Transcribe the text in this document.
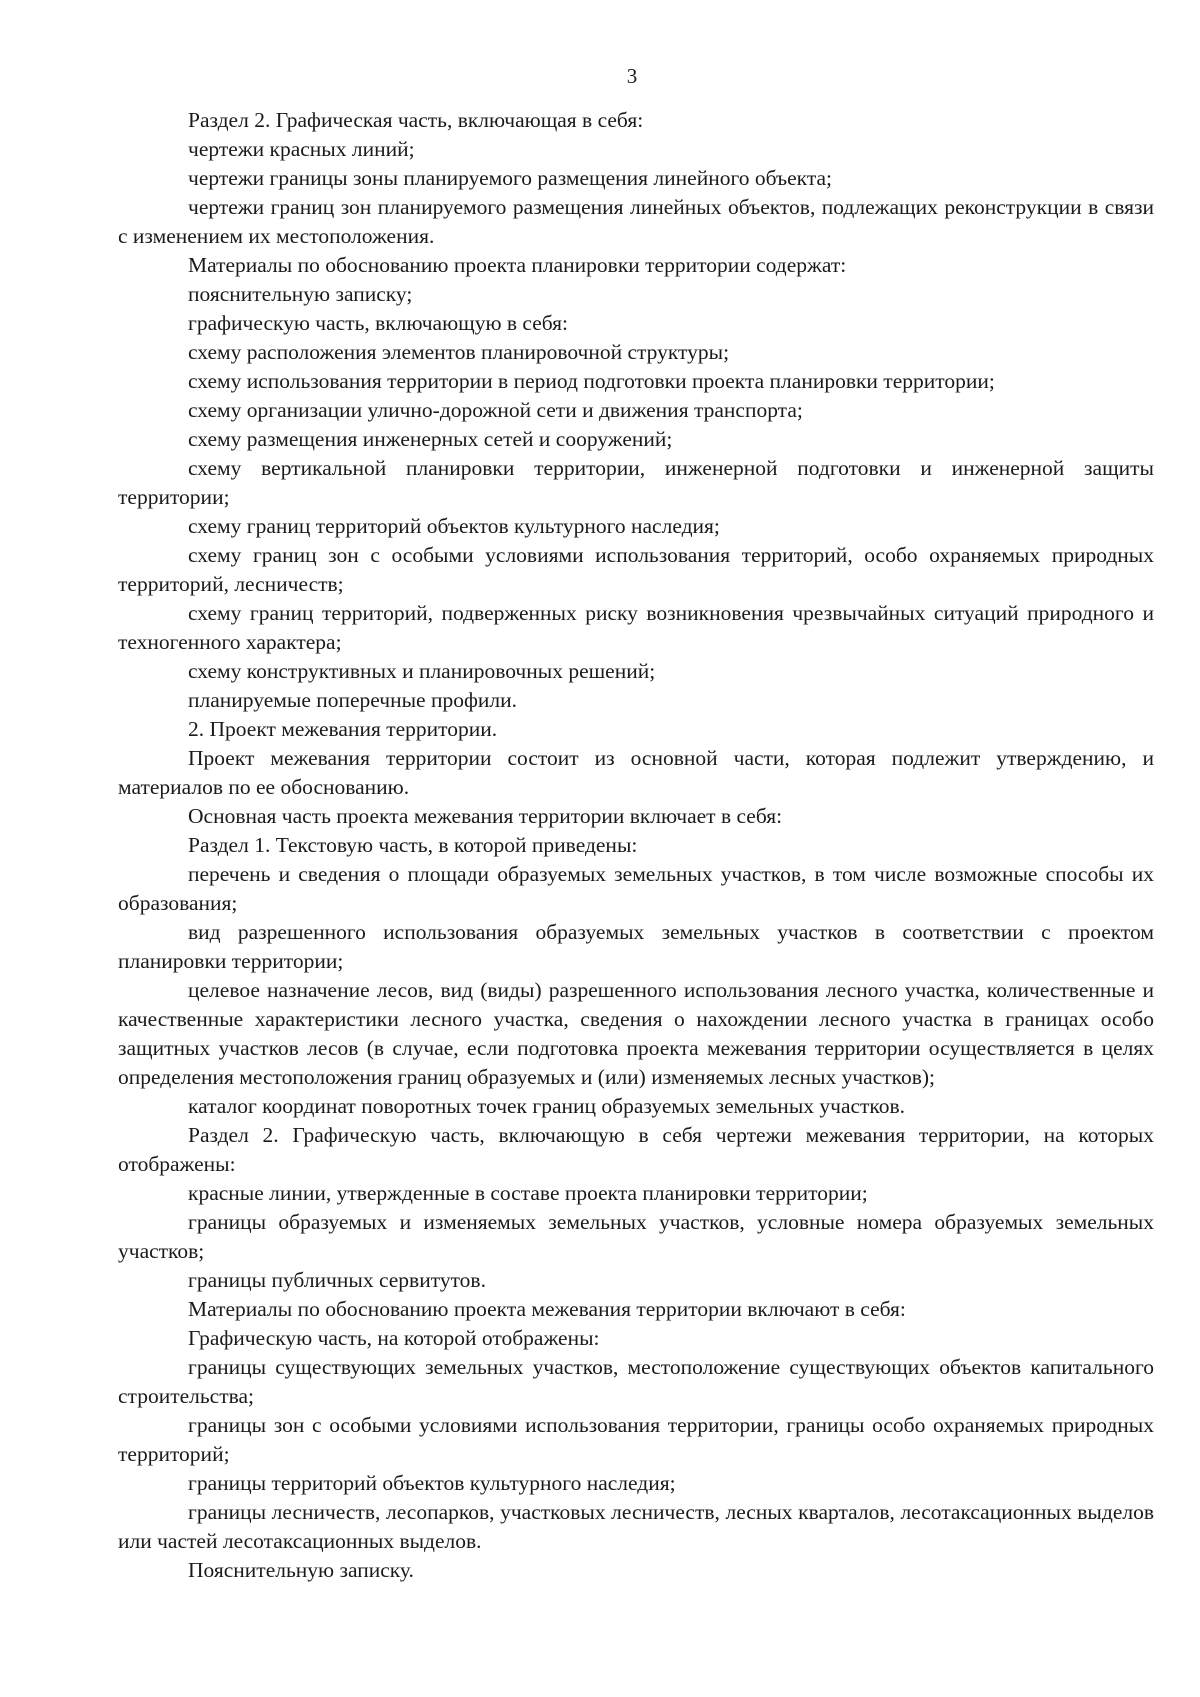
3

Раздел 2. Графическая часть, включающая в себя:

чертежи красных линий;

чертежи границы зоны планируемого размещения линейного объекта;

чертежи границ зон планируемого размещения линейных объектов, подлежащих реконструкции в связи с изменением их местоположения.

Материалы по обоснованию проекта планировки территории содержат:

пояснительную записку;

графическую часть, включающую в себя:

схему расположения элементов планировочной структуры;

схему использования территории в период подготовки проекта планировки территории;

схему организации улично-дорожной сети и движения транспорта;

схему размещения инженерных сетей и сооружений;

схему вертикальной планировки территории, инженерной подготовки и инженерной защиты территории;

схему границ территорий объектов культурного наследия;

схему границ зон с особыми условиями использования территорий, особо охраняемых природных территорий, лесничеств;

схему границ территорий, подверженных риску возникновения чрезвычайных ситуаций природного и техногенного характера;

схему конструктивных и планировочных решений;

планируемые поперечные профили.

2. Проект межевания территории.

Проект межевания территории состоит из основной части, которая подлежит утверждению, и материалов по ее обоснованию.

Основная часть проекта межевания территории включает в себя:

Раздел 1. Текстовую часть, в которой приведены:

перечень и сведения о площади образуемых земельных участков, в том числе возможные способы их образования;

вид разрешенного использования образуемых земельных участков в соответствии с проектом планировки территории;

целевое назначение лесов, вид (виды) разрешенного использования лесного участка, количественные и качественные характеристики лесного участка, сведения о нахождении лесного участка в границах особо защитных участков лесов (в случае, если подготовка проекта межевания территории осуществляется в целях определения местоположения границ образуемых и (или) изменяемых лесных участков);

каталог координат поворотных точек границ образуемых земельных участков.

Раздел 2. Графическую часть, включающую в себя чертежи межевания территории, на которых отображены:

красные линии, утвержденные в составе проекта планировки территории;

границы образуемых и изменяемых земельных участков, условные номера образуемых земельных участков;

границы публичных сервитутов.

Материалы по обоснованию проекта межевания территории включают в себя:

Графическую часть, на которой отображены:

границы существующих земельных участков, местоположение существующих объектов капитального строительства;

границы зон с особыми условиями использования территории, границы особо охраняемых природных территорий;

границы территорий объектов культурного наследия;

границы лесничеств, лесопарков, участковых лесничеств, лесных кварталов, лесотаксационных выделов или частей лесотаксационных выделов.

Пояснительную записку.
